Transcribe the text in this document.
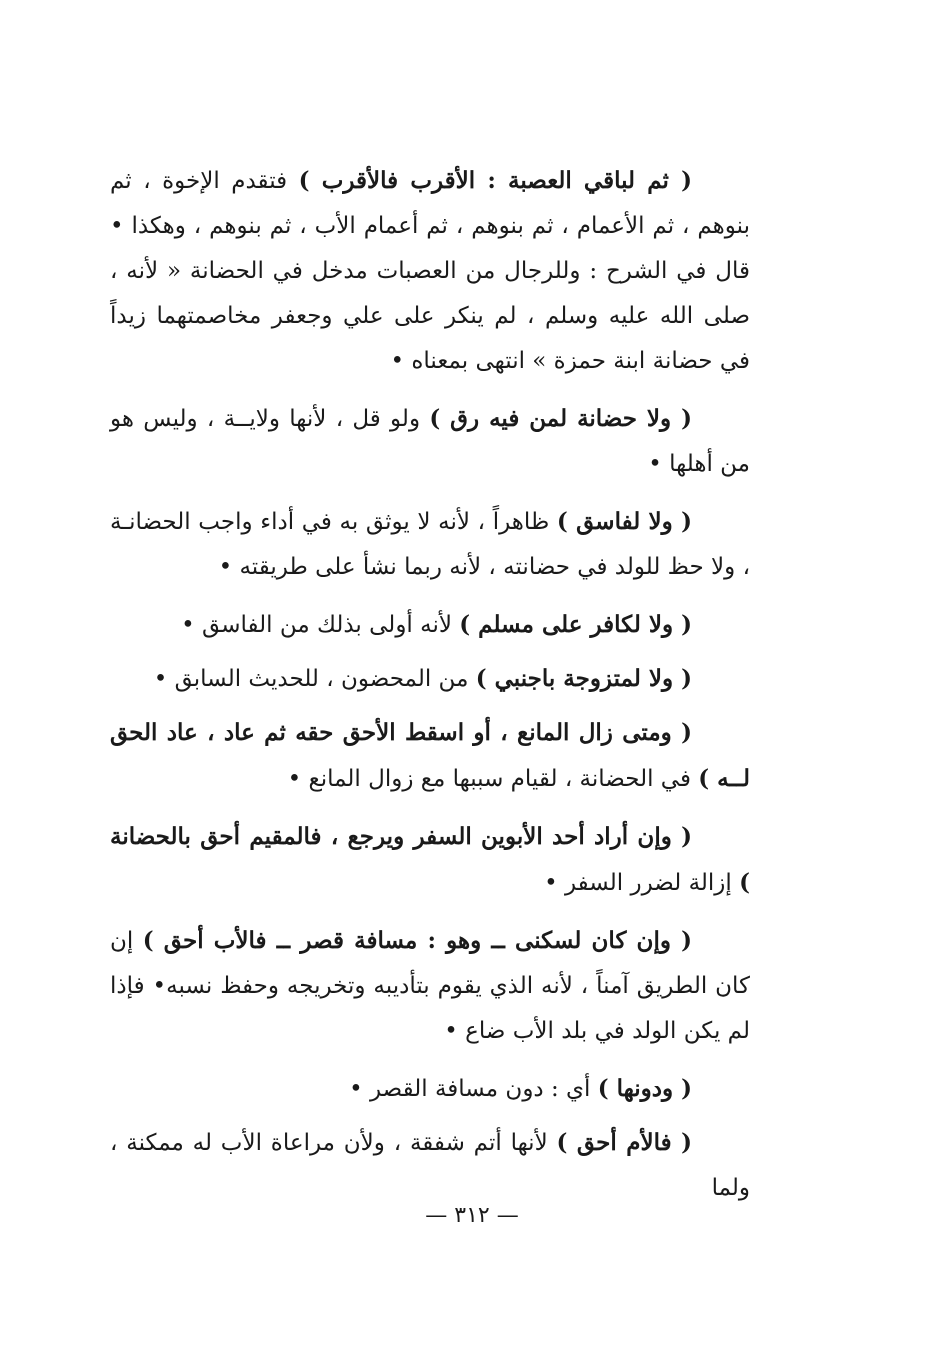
( ثم لباقي العصبة : الأقرب فالأقرب ) فتقدم الإخوة ، ثم بنوهم ، ثم الأعمام ، ثم بنوهم ، ثم أعمام الأب ، ثم بنوهم ، وهكذا • قال في الشرح : وللرجال من العصبات مدخل في الحضانة « لأنه ، صلى الله عليه وسلم ، لم ينكر على علي وجعفر مخاصمتهما زيداً في حضانة ابنة حمزة » انتهى بمعناه •

( ولا حضانة لمن فيه رق ) ولو قل ، لأنها ولايــة ، وليس هو من أهلها •

( ولا لفاسق ) ظاهراً ، لأنه لا يوثق به في أداء واجب الحضانـة ، ولا حظ للولد في حضانته ، لأنه ربما نشأ على طريقته •

( ولا لكافر على مسلم ) لأنه أولى بذلك من الفاسق •

( ولا لمتزوجة باجنبي ) من المحضون ، للحديث السابق •

( ومتى زال المانع ، أو اسقط الأحق حقه ثم عاد ، عاد الحق لــه ) في الحضانة ، لقيام سببها مع زوال المانع •

( وإن أراد أحد الأبوين السفر ويرجع ، فالمقيم أحق بالحضانة ) إزالة لضرر السفر •

( وإن كان لسكنى ــ وهو : مسافة قصر ــ فالأب أحق ) إن كان الطريق آمناً ، لأنه الذي يقوم بتأديبه وتخريجه وحفظ نسبه• فإذا لم يكن الولد في بلد الأب ضاع •

( ودونها ) أي : دون مسافة القصر •

( فالأم أحق ) لأنها أتم شفقة ، ولأن مراعاة الأب له ممكنة ، ولما

— ٣١٢ —
